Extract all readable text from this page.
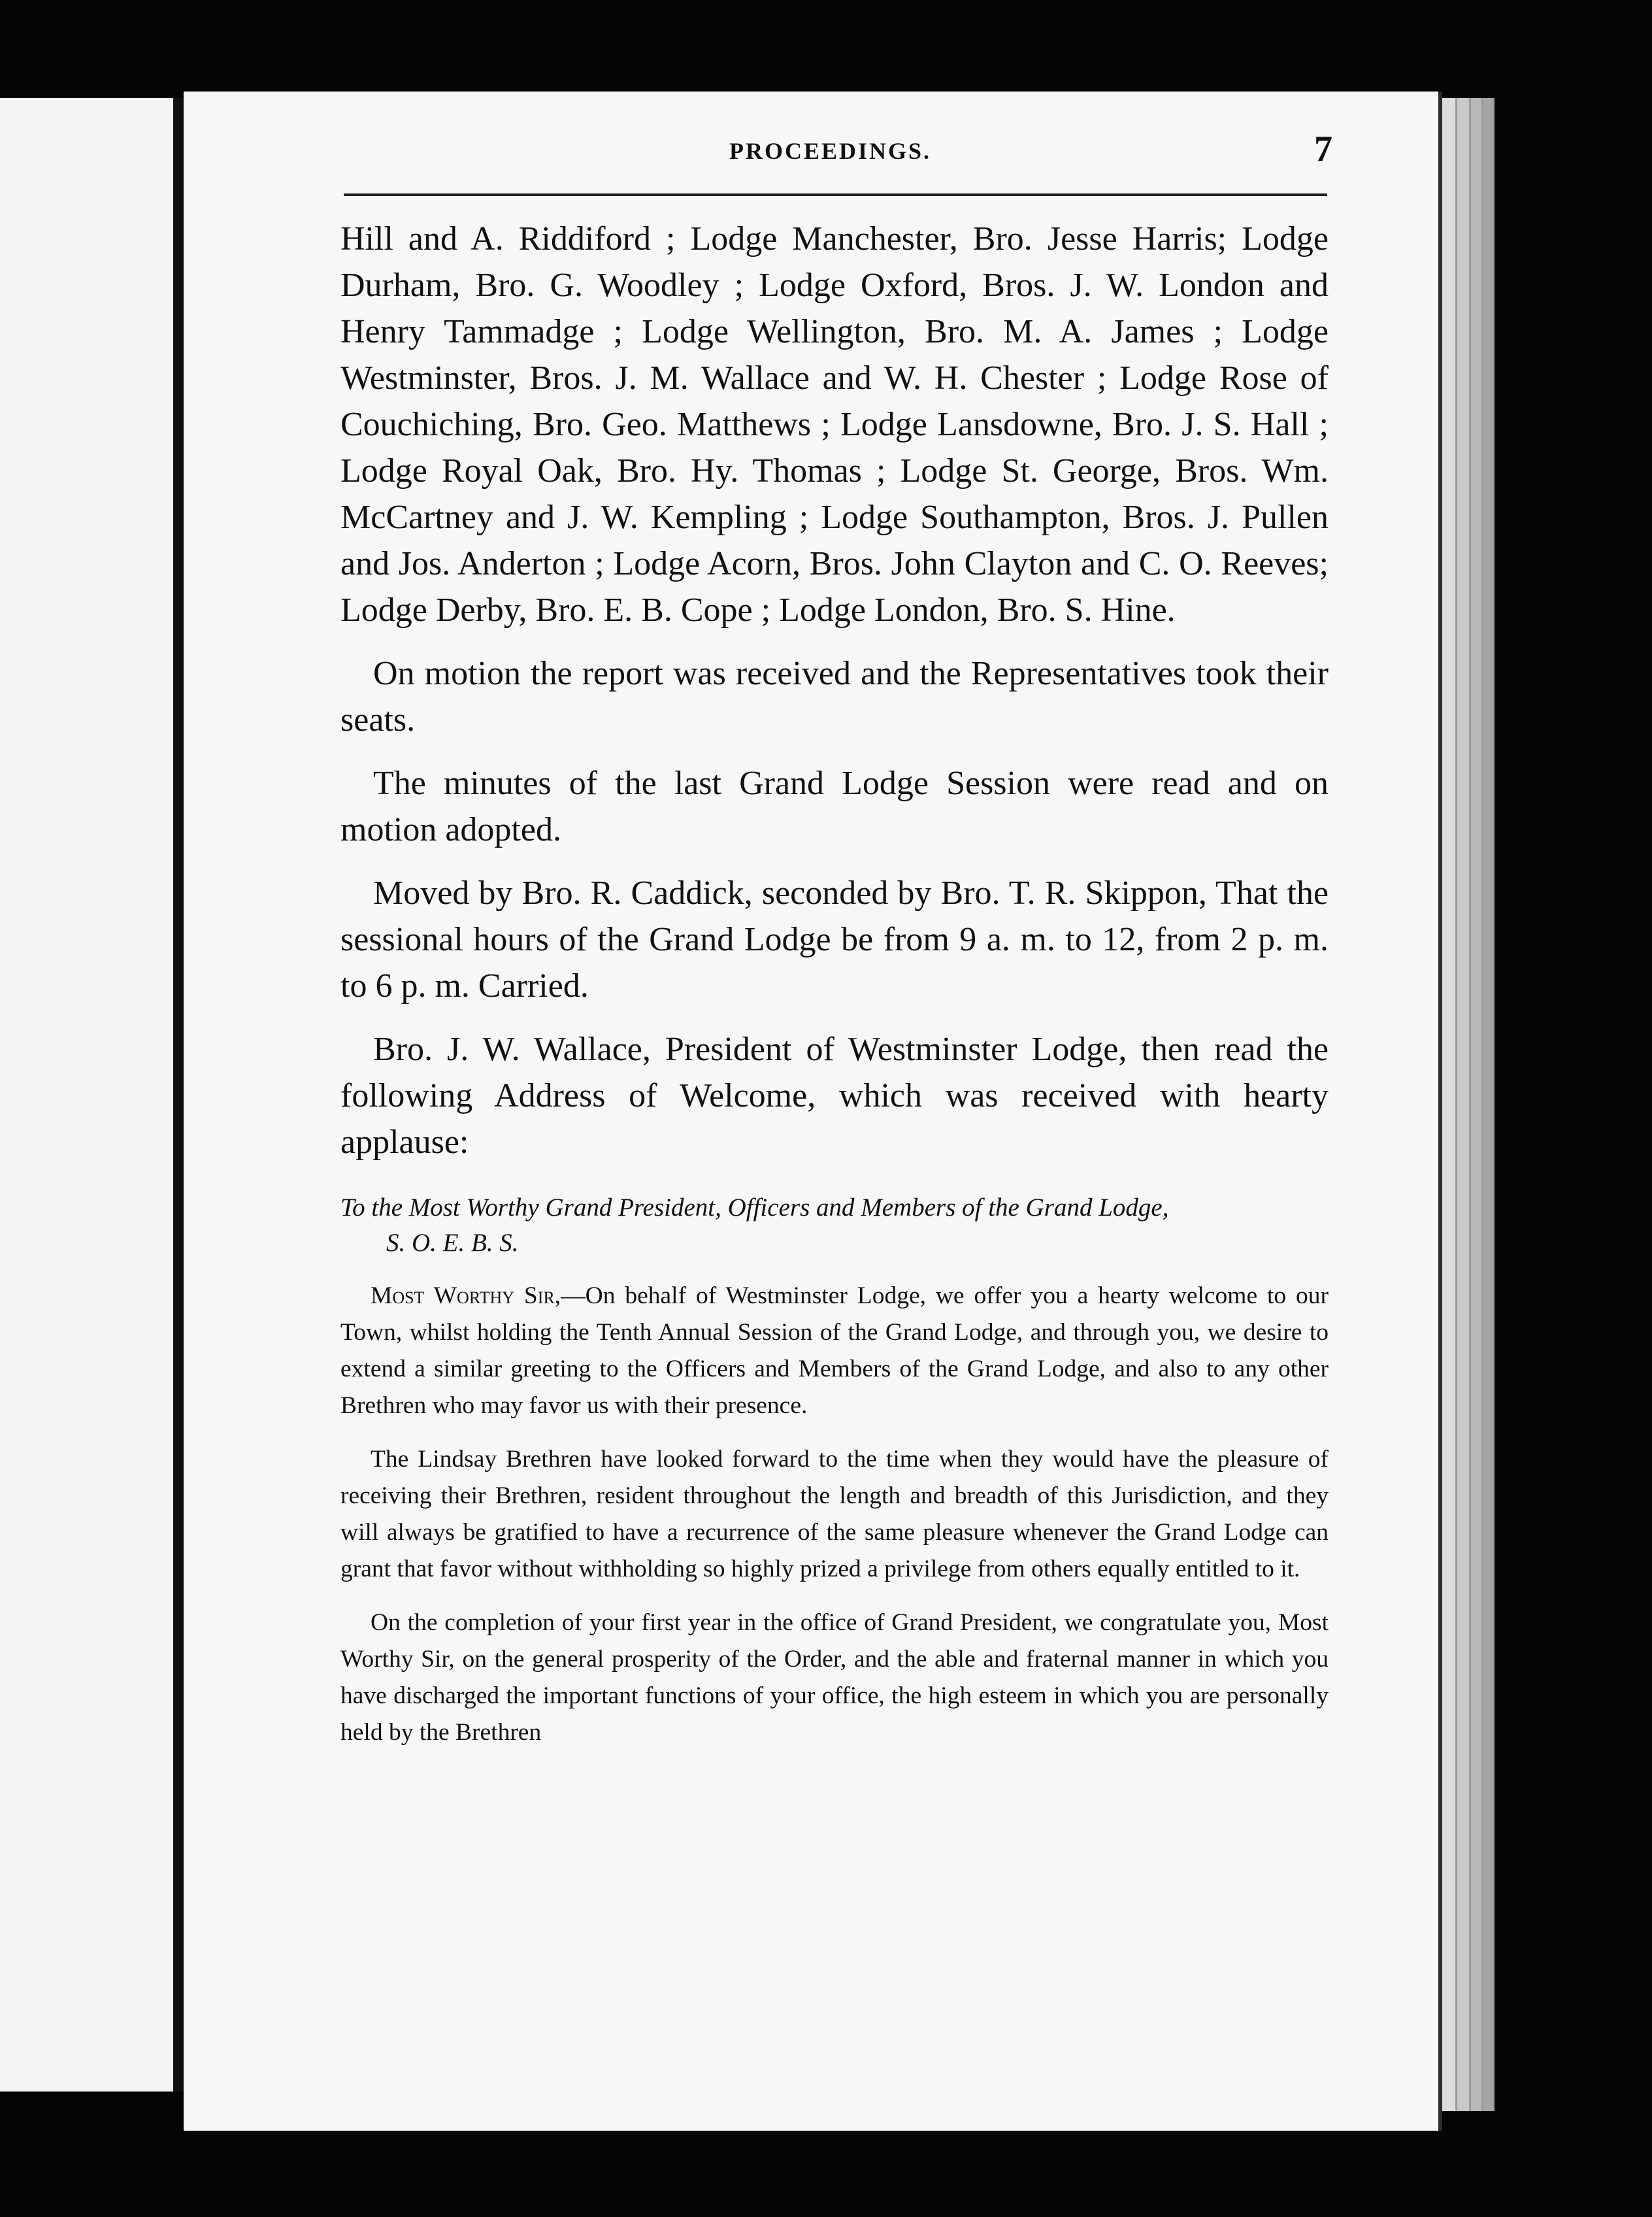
PROCEEDINGS.	7

Hill and A. Riddiford ; Lodge Manchester, Bro. Jesse Harris; Lodge Durham, Bro. G. Woodley ; Lodge Oxford, Bros. J. W. London and Henry Tammadge ; Lodge Wellington, Bro. M. A. James ; Lodge Westminster, Bros. J. M. Wallace and W. H. Chester ; Lodge Rose of Couchiching, Bro. Geo. Matthews ; Lodge Lansdowne, Bro. J. S. Hall ; Lodge Royal Oak, Bro. Hy. Thomas ; Lodge St. George, Bros. Wm. McCartney and J. W. Kempling ; Lodge Southampton, Bros. J. Pullen and Jos. Anderton ; Lodge Acorn, Bros. John Clayton and C. O. Reeves; Lodge Derby, Bro. E. B. Cope ; Lodge London, Bro. S. Hine.

On motion the report was received and the Representatives took their seats.

The minutes of the last Grand Lodge Session were read and on motion adopted.

Moved by Bro. R. Caddick, seconded by Bro. T. R. Skippon, That the sessional hours of the Grand Lodge be from 9 a. m. to 12, from 2 p. m. to 6 p. m. Carried.

Bro. J. W. Wallace, President of Westminster Lodge, then read the following Address of Welcome, which was received with hearty applause:

To the Most Worthy Grand President, Officers and Members of the Grand Lodge,
S. O. E. B. S.

Most Worthy Sir,—On behalf of Westminster Lodge, we offer you a hearty welcome to our Town, whilst holding the Tenth Annual Session of the Grand Lodge, and through you, we desire to extend a similar greeting to the Officers and Members of the Grand Lodge, and also to any other Brethren who may favor us with their presence.

The Lindsay Brethren have looked forward to the time when they would have the pleasure of receiving their Brethren, resident throughout the length and breadth of this Jurisdiction, and they will always be gratified to have a recurrence of the same pleasure whenever the Grand Lodge can grant that favor without withholding so highly prized a privilege from others equally entitled to it.

On the completion of your first year in the office of Grand President, we congratulate you, Most Worthy Sir, on the general prosperity of the Order, and the able and fraternal manner in which you have discharged the important functions of your office, the high esteem in which you are personally held by the Brethren
